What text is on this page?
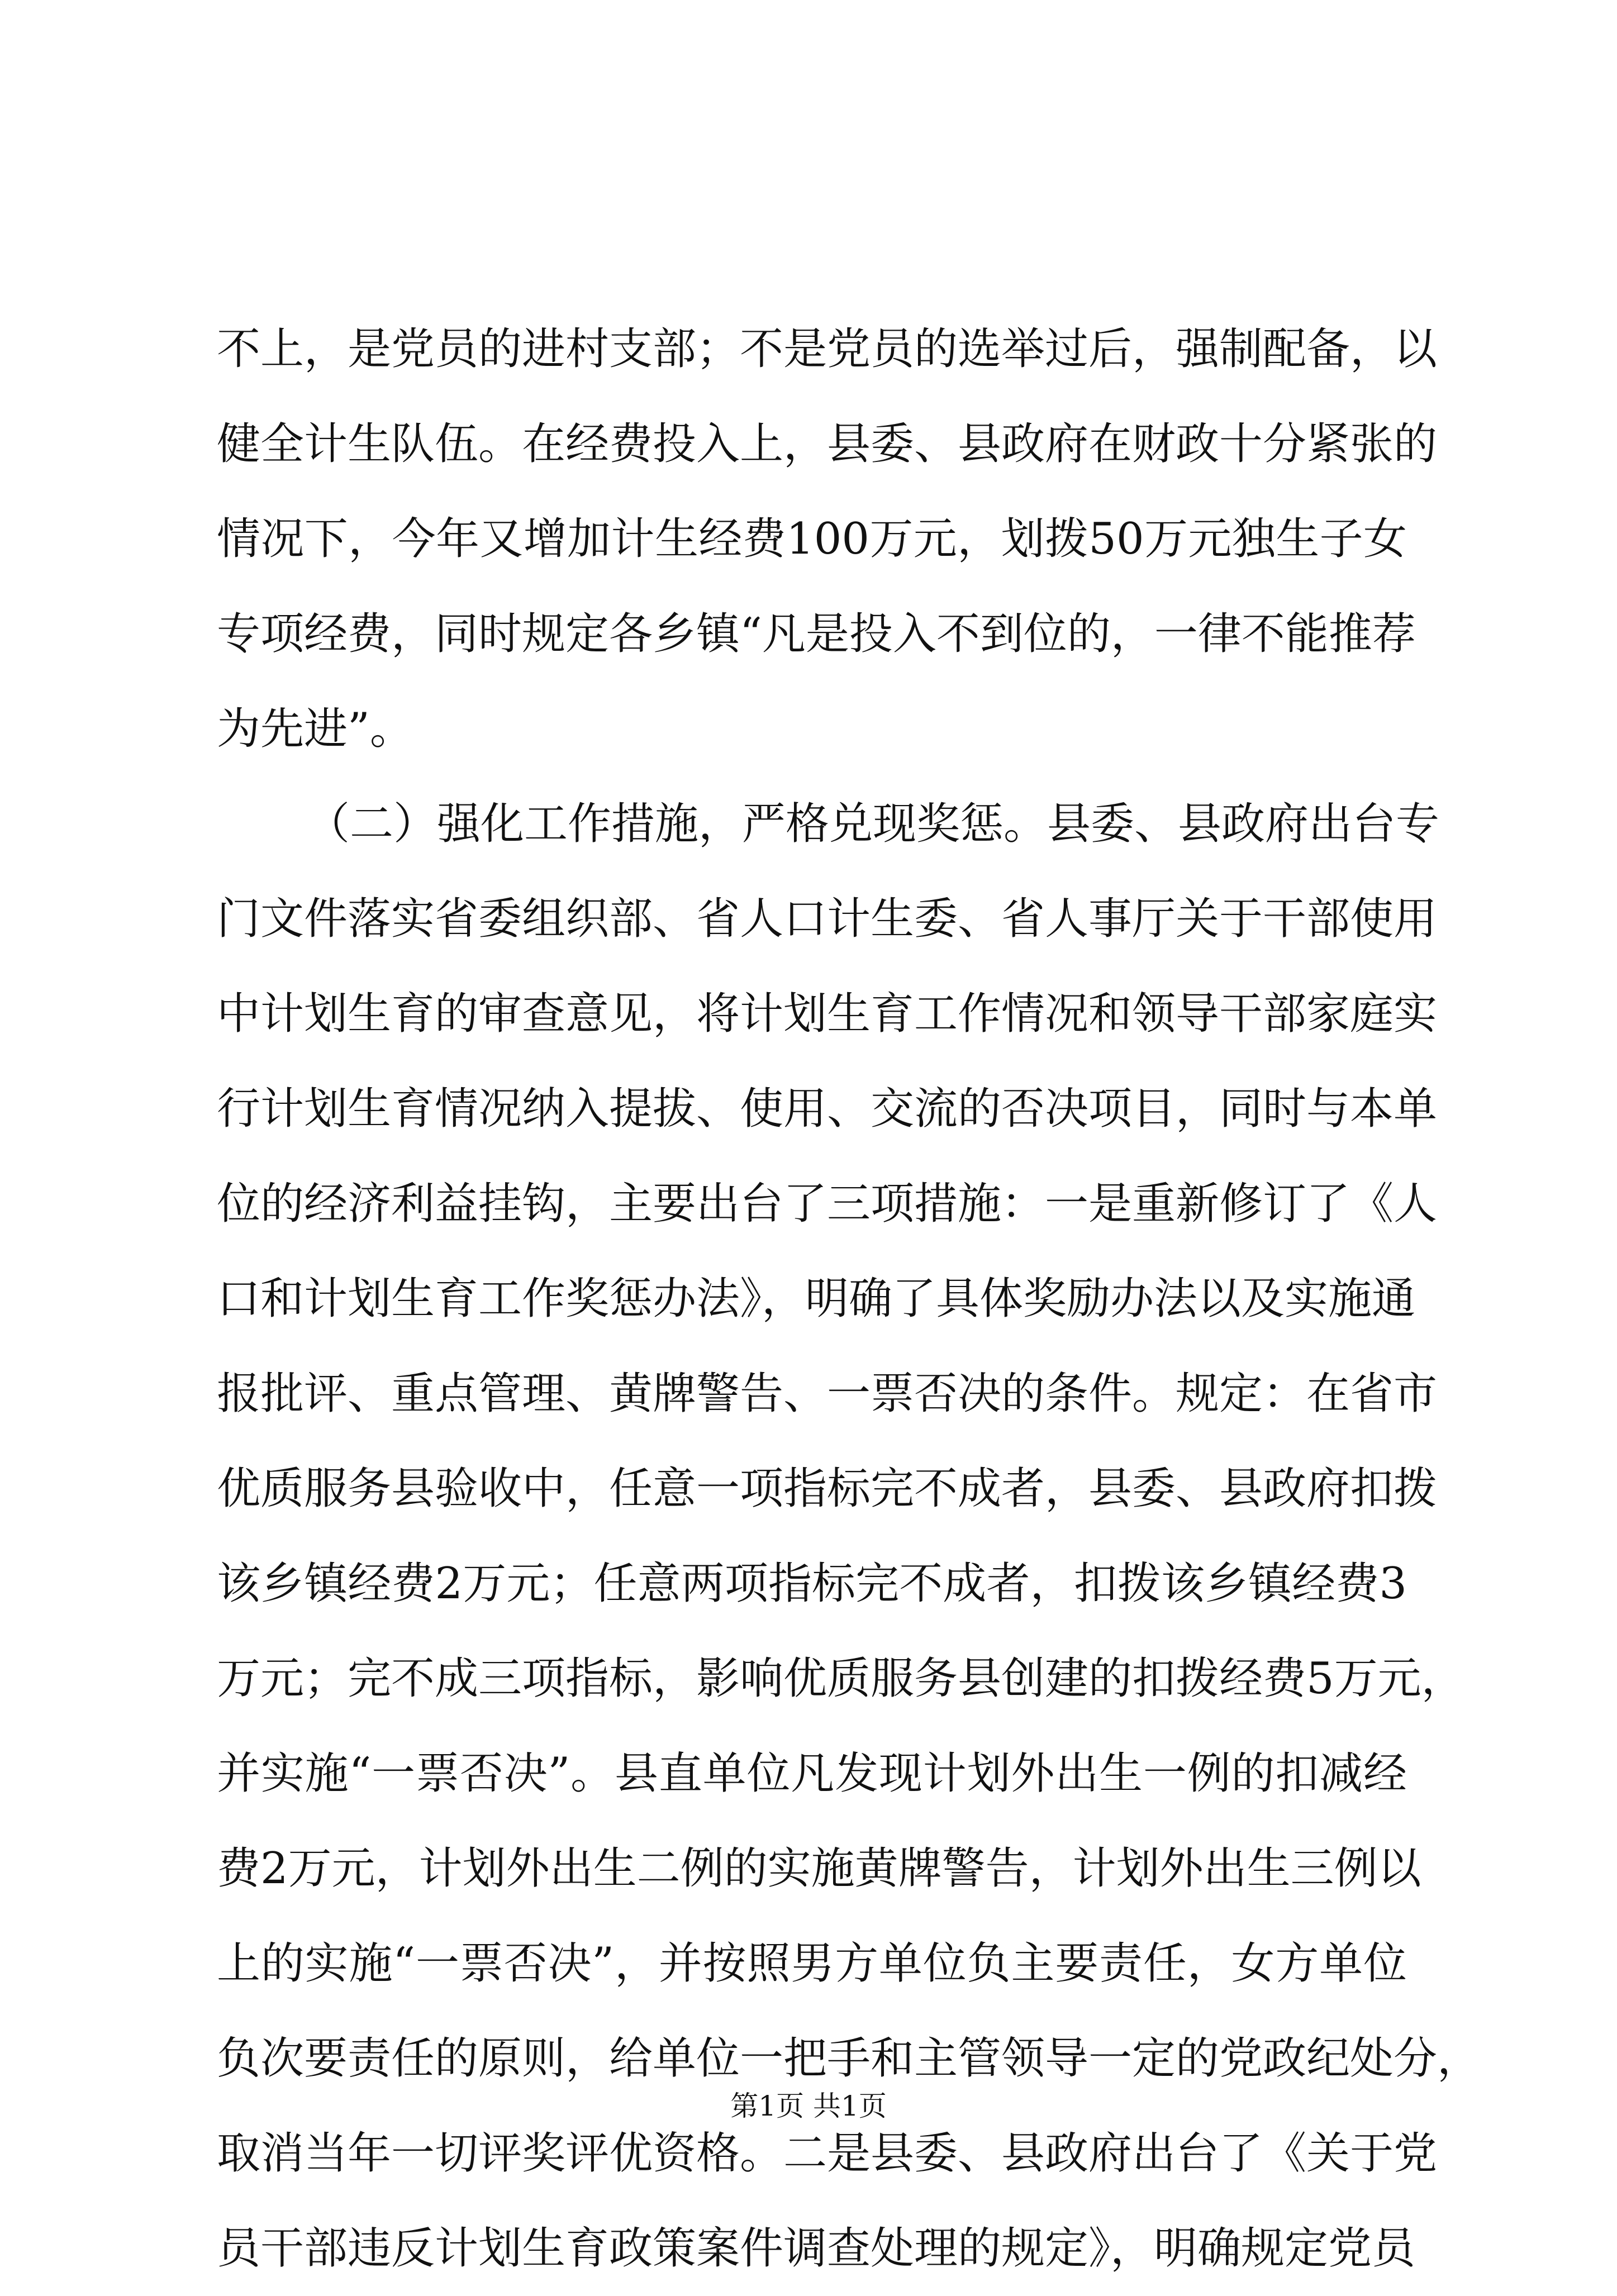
不上，是党员的进村支部；不是党员的选举过后，强制配备，以
健全计生队伍。在经费投入上，县委、县政府在财政十分紧张的
情况下，今年又增加计生经费100万元，划拨50万元独生子女
专项经费，同时规定各乡镇“凡是投入不到位的，一律不能推荐
为先进”。
（二）强化工作措施，严格兑现奖惩。县委、县政府出台专
门文件落实省委组织部、省人口计生委、省人事厅关于干部使用
中计划生育的审查意见，将计划生育工作情况和领导干部家庭实
行计划生育情况纳入提拔、使用、交流的否决项目，同时与本单
位的经济利益挂钩，主要出台了三项措施：一是重新修订了《人
口和计划生育工作奖惩办法》，明确了具体奖励办法以及实施通
报批评、重点管理、黄牌警告、一票否决的条件。规定：在省市
优质服务县验收中，任意一项指标完不成者，县委、县政府扣拨
该乡镇经费2万元；任意两项指标完不成者，扣拨该乡镇经费3
万元；完不成三项指标，影响优质服务县创建的扣拨经费5万元，
并实施“一票否决”。县直单位凡发现计划外出生一例的扣减经
费2万元，计划外出生二例的实施黄牌警告，计划外出生三例以
上的实施“一票否决”，并按照男方单位负主要责任，女方单位
负次要责任的原则，给单位一把手和主管领导一定的党政纪处分，
取消当年一切评奖评优资格。二是县委、县政府出台了《关于党
员干部违反计划生育政策案件调查处理的规定》，明确规定党员
第1页 共1页
